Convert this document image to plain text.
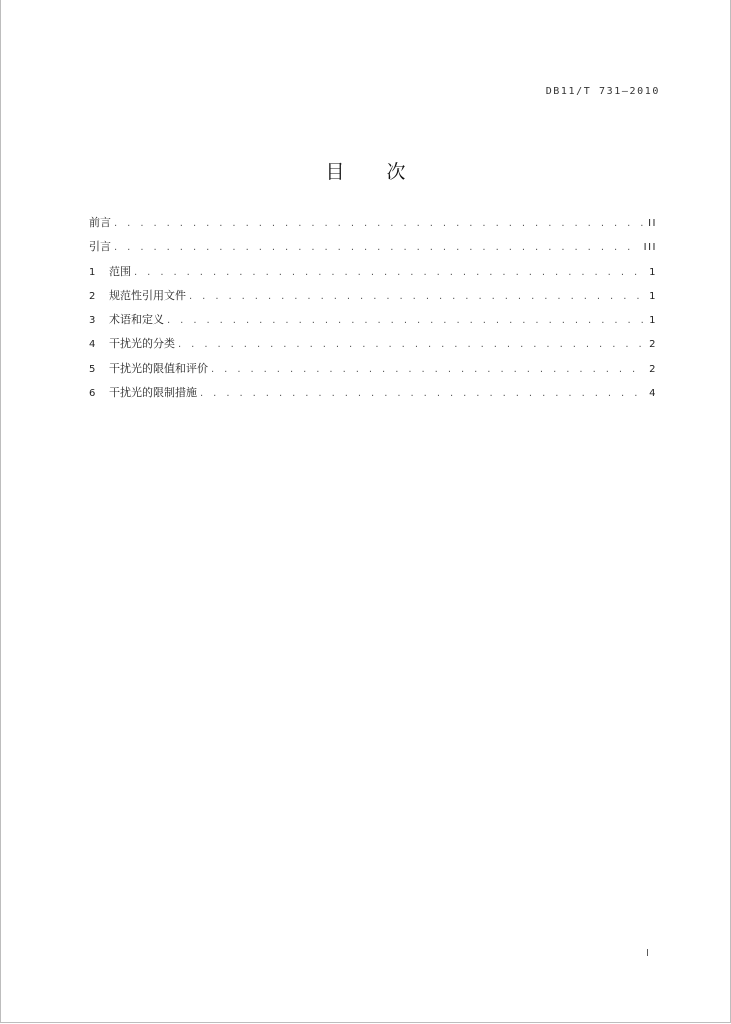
DB11/T 731—2010
目 次
前言 . . .	II
引言 . . .	III
1	范围 . . .	1
2	规范性引用文件 . . .	1
3	术语和定义 . . .	1
4	干扰光的分类 . . .	2
5	干扰光的限值和评价 . . .	2
6	干扰光的限制措施 . . .	4
I
